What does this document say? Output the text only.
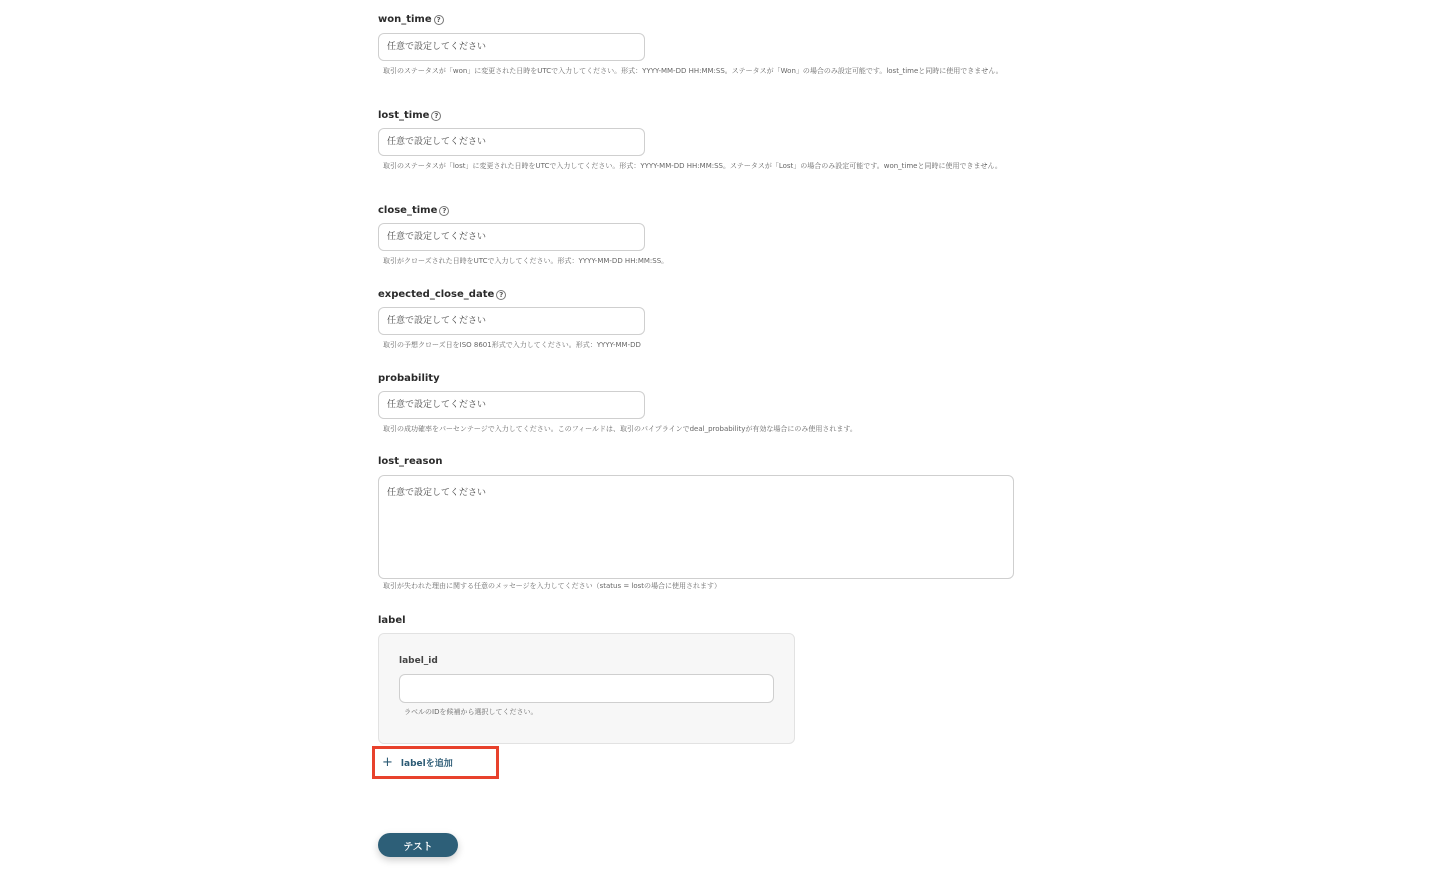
won_time ?
任意で設定してください
取引のステータスが「won」に変更された日時をUTCで入力してください。形式：YYYY-MM-DD HH:MM:SS。ステータスが「Won」の場合のみ設定可能です。lost_timeと同時に使用できません。
lost_time ?
任意で設定してください
取引のステータスが「lost」に変更された日時をUTCで入力してください。形式：YYYY-MM-DD HH:MM:SS。ステータスが「Lost」の場合のみ設定可能です。won_timeと同時に使用できません。
close_time ?
任意で設定してください
取引がクローズされた日時をUTCで入力してください。形式：YYYY-MM-DD HH:MM:SS。
expected_close_date ?
任意で設定してください
取引の予想クローズ日をISO 8601形式で入力してください。形式：YYYY-MM-DD
probability
任意で設定してください
取引の成功確率をパーセンテージで入力してください。このフィールドは、取引のパイプラインでdeal_probabilityが有効な場合にのみ使用されます。
lost_reason
任意で設定してください
取引が失われた理由に関する任意のメッセージを入力してください（status = lostの場合に使用されます）
label
label_id
ラベルのIDを候補から選択してください。
+ labelを追加
テスト
